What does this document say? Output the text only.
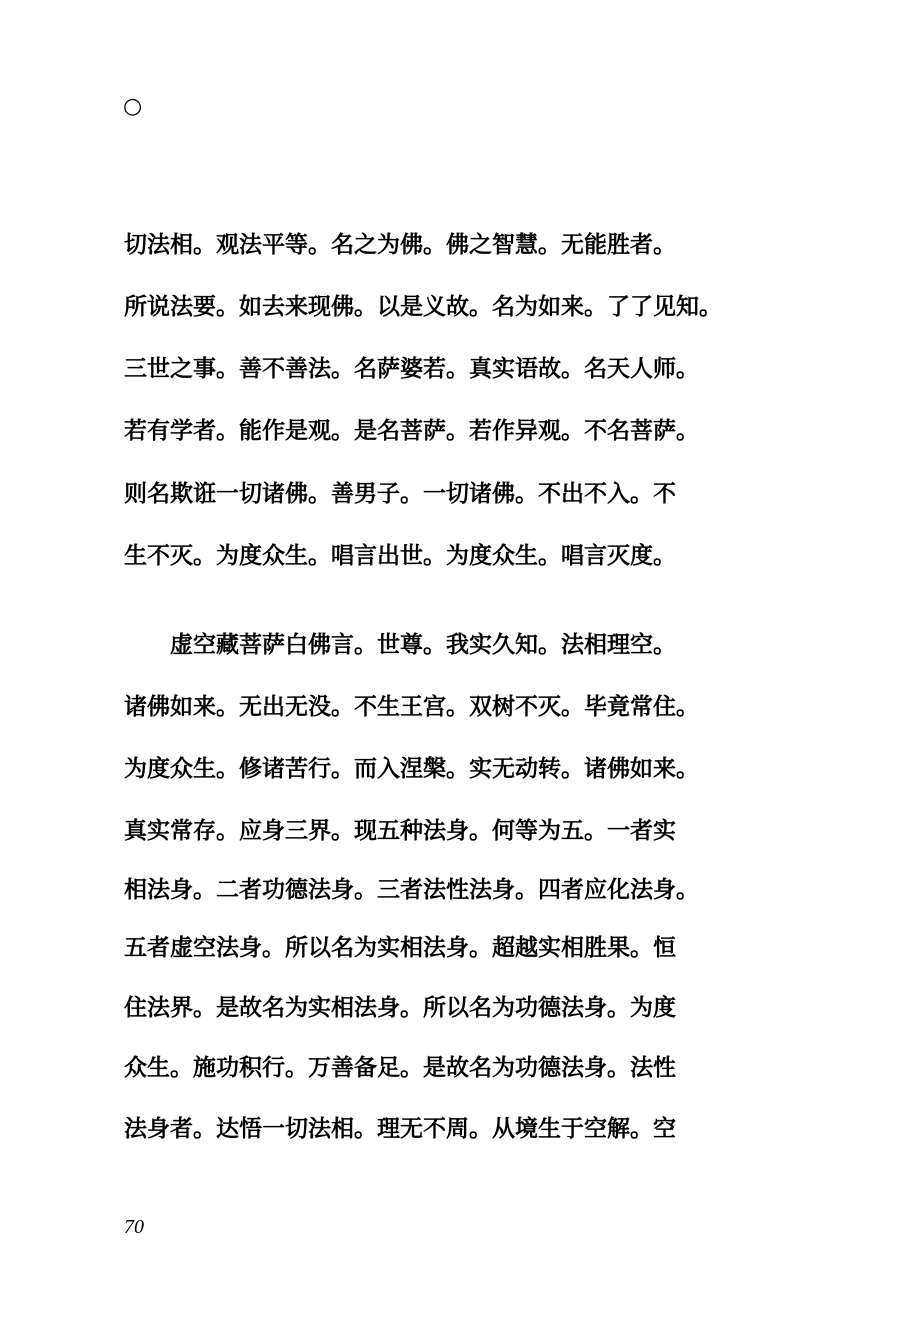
○
切法相。观法平等。名之为佛。佛之智慧。无能胜者。
所说法要。如去来现佛。以是义故。名为如来。了了见知。
三世之事。善不善法。名萨婆若。真实语故。名天人师。
若有学者。能作是观。是名菩萨。若作异观。不名菩萨。
则名欺诳一切诸佛。善男子。一切诸佛。不出不入。不
生不灭。为度众生。唱言出世。为度众生。唱言灭度。
　　虚空藏菩萨白佛言。世尊。我实久知。法相理空。
诸佛如来。无出无没。不生王宫。双树不灭。毕竟常住。
为度众生。修诸苦行。而入涅槃。实无动转。诸佛如来。
真实常存。应身三界。现五种法身。何等为五。一者实
相法身。二者功德法身。三者法性法身。四者应化法身。
五者虚空法身。所以名为实相法身。超越实相胜果。恒
住法界。是故名为实相法身。所以名为功德法身。为度
众生。施功积行。万善备足。是故名为功德法身。法性
法身者。达悟一切法相。理无不周。从境生于空解。空
70
